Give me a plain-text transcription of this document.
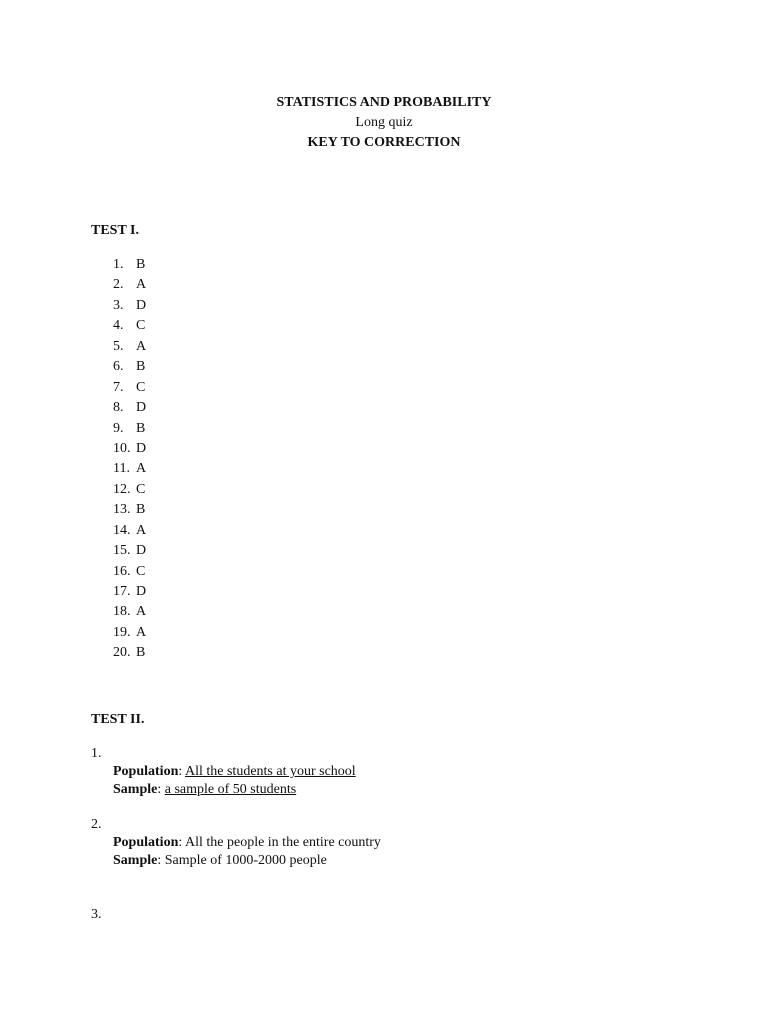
STATISTICS AND PROBABILITY
Long quiz
KEY TO CORRECTION
TEST I.
1. B
2. A
3. D
4. C
5. A
6. B
7. C
8. D
9. B
10. D
11. A
12. C
13. B
14. A
15. D
16. C
17. D
18. A
19. A
20. B
TEST II.
1.
Population: All the students at your school
Sample: a sample of 50 students
2.
Population: All the people in the entire country
Sample: Sample of 1000-2000 people
3.
